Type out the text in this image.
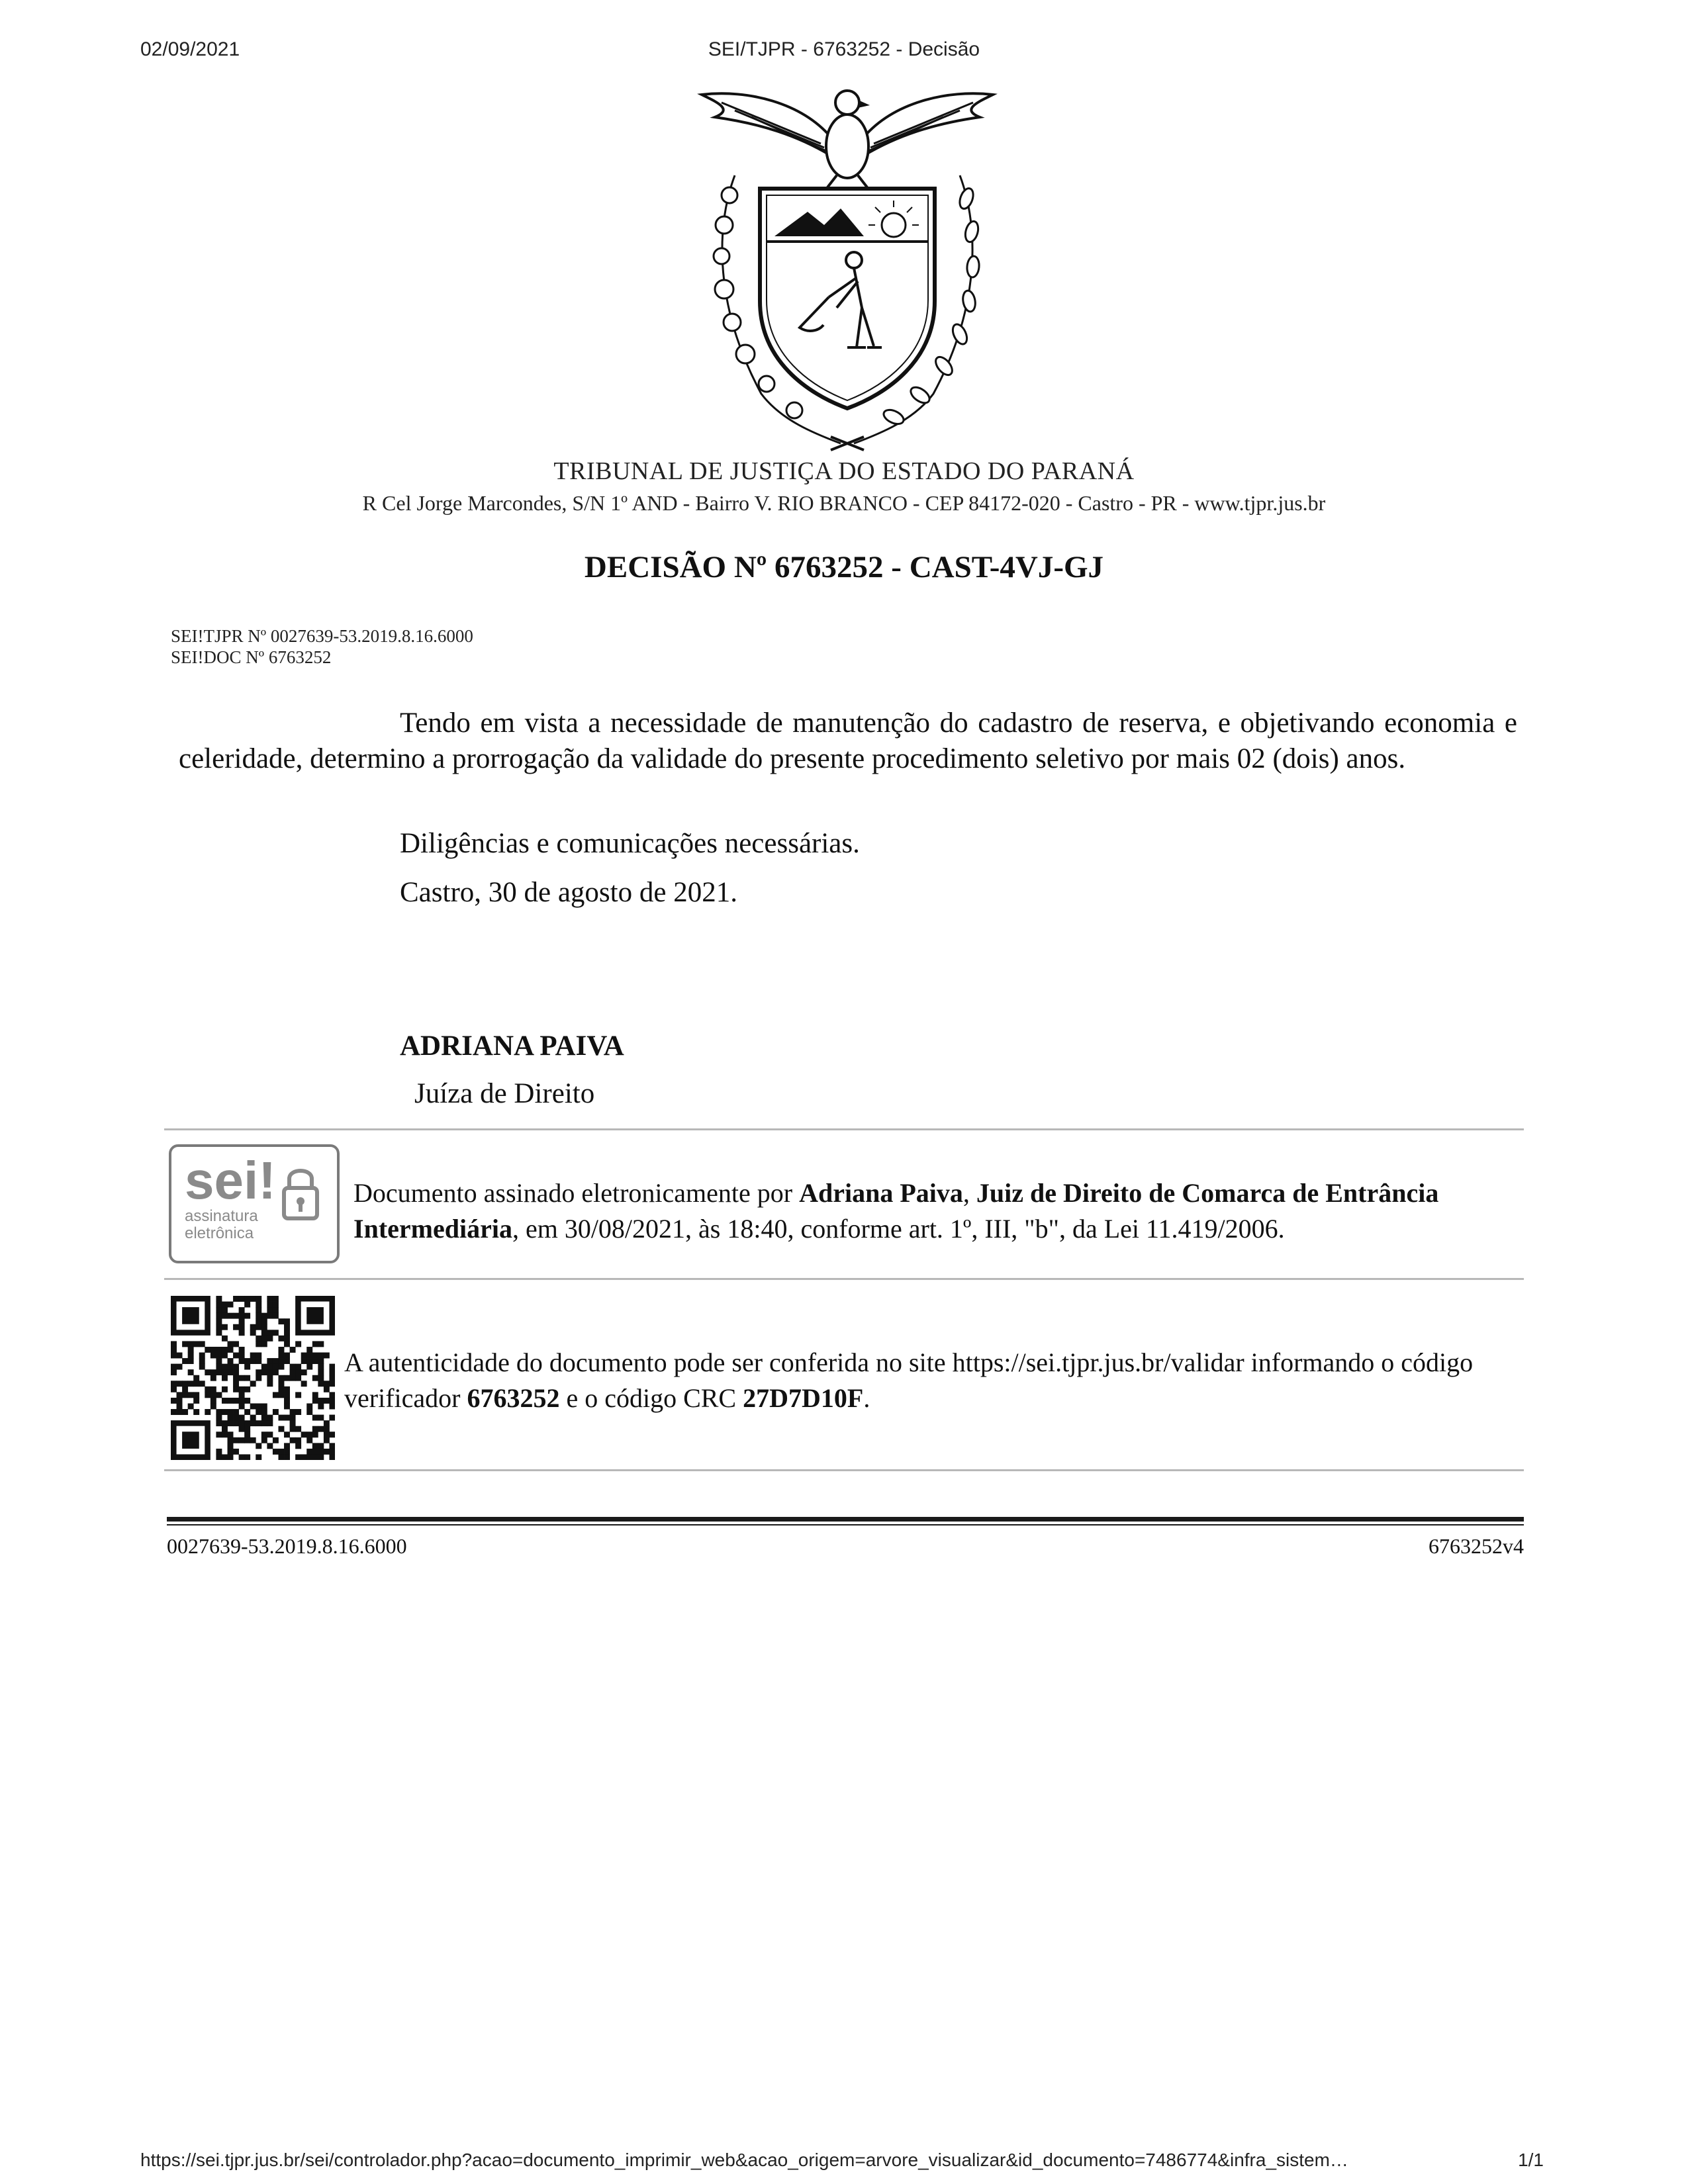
02/09/2021	SEI/TJPR - 6763252 - Decisão
TRIBUNAL DE JUSTIÇA DO ESTADO DO PARANÁ
R Cel Jorge Marcondes, S/N 1º AND - Bairro V. RIO BRANCO - CEP 84172-020 - Castro - PR - www.tjpr.jus.br
DECISÃO Nº 6763252 - CAST-4VJ-GJ
SEI!TJPR Nº 0027639-53.2019.8.16.6000
SEI!DOC Nº 6763252
Tendo em vista a necessidade de manutenção do cadastro de reserva, e objetivando economia e celeridade, determino a prorrogação da validade do presente procedimento seletivo por mais 02 (dois) anos.
Diligências e comunicações necessárias.
Castro, 30 de agosto de 2021.
ADRIANA PAIVA
Juíza de Direito
sei!
assinatura
eletrônica
Documento assinado eletronicamente por Adriana Paiva, Juiz de Direito de Comarca de Entrância Intermediária, em 30/08/2021, às 18:40, conforme art. 1º, III, "b", da Lei 11.419/2006.
A autenticidade do documento pode ser conferida no site https://sei.tjpr.jus.br/validar informando o código verificador 6763252 e o código CRC 27D7D10F.
0027639-53.2019.8.16.6000	6763252v4
https://sei.tjpr.jus.br/sei/controlador.php?acao=documento_imprimir_web&acao_origem=arvore_visualizar&id_documento=7486774&infra_sistem…	1/1
